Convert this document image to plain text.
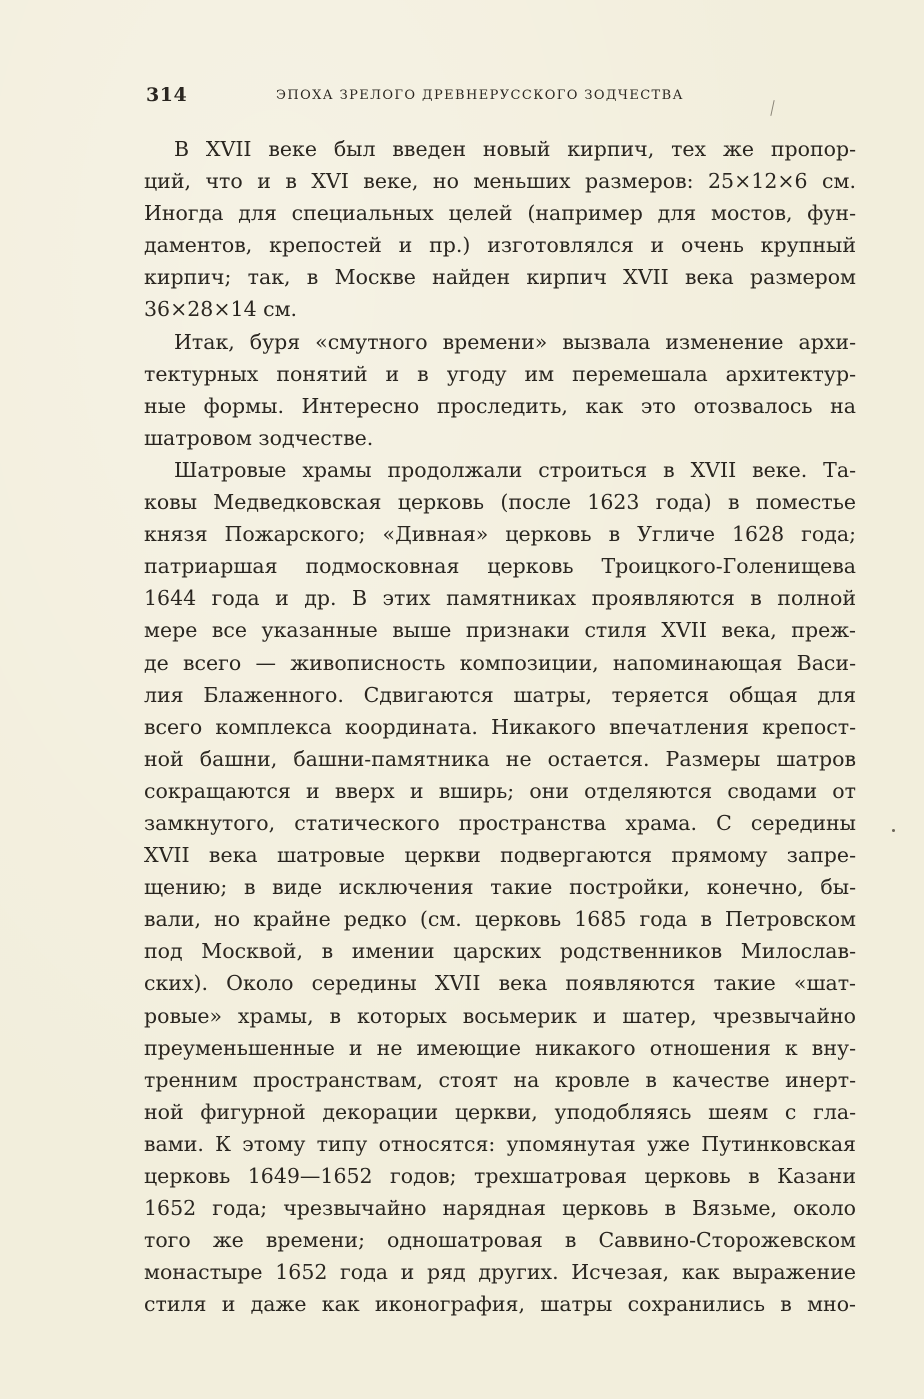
314	ЭПОХА ЗРЕЛОГО ДРЕВНЕРУССКОГО ЗОДЧЕСТВА
В XVII веке был введен новый кирпич, тех же пропор-
ций, что и в XVI веке, но меньших размеров: 25×12×6 см.
Иногда для специальных целей (например для мостов, фун-
даментов, крепостей и пр.) изготовлялся и очень крупный
кирпич; так, в Москве найден кирпич XVII века размером
36×28×14 см.
Итак, буря «смутного времени» вызвала изменение архи-
тектурных понятий и в угоду им перемешала архитектур-
ные формы. Интересно проследить, как это отозвалось на
шатровом зодчестве.
Шатровые храмы продолжали строиться в XVII веке. Та-
ковы Медведковская церковь (после 1623 года) в поместье
князя Пожарского; «Дивная» церковь в Угличе 1628 года;
патриаршая подмосковная церковь Троицкого-Голенищева
1644 года и др. В этих памятниках проявляются в полной
мере все указанные выше признаки стиля XVII века, преж-
де всего — живописность композиции, напоминающая Васи-
лия Блаженного. Сдвигаются шатры, теряется общая для
всего комплекса координата. Никакого впечатления крепост-
ной башни, башни-памятника не остается. Размеры шатров
сокращаются и вверх и вширь; они отделяются сводами от
замкнутого, статического пространства храма. С середины
XVII века шатровые церкви подвергаются прямому запре-
щению; в виде исключения такие постройки, конечно, бы-
вали, но крайне редко (см. церковь 1685 года в Петровском
под Москвой, в имении царских родственников Милослав-
ских). Около середины XVII века появляются такие «шат-
ровые» храмы, в которых восьмерик и шатер, чрезвычайно
преуменьшенные и не имеющие никакого отношения к вну-
тренним пространствам, стоят на кровле в качестве инерт-
ной фигурной декорации церкви, уподобляясь шеям с гла-
вами. К этому типу относятся: упомянутая уже Путинковская
церковь 1649—1652 годов; трехшатровая церковь в Казани
1652 года; чрезвычайно нарядная церковь в Вязьме, около
того же времени; одношатровая в Саввино-Сторожевском
монастыре 1652 года и ряд других. Исчезая, как выражение
стиля и даже как иконография, шатры сохранились в мно-
